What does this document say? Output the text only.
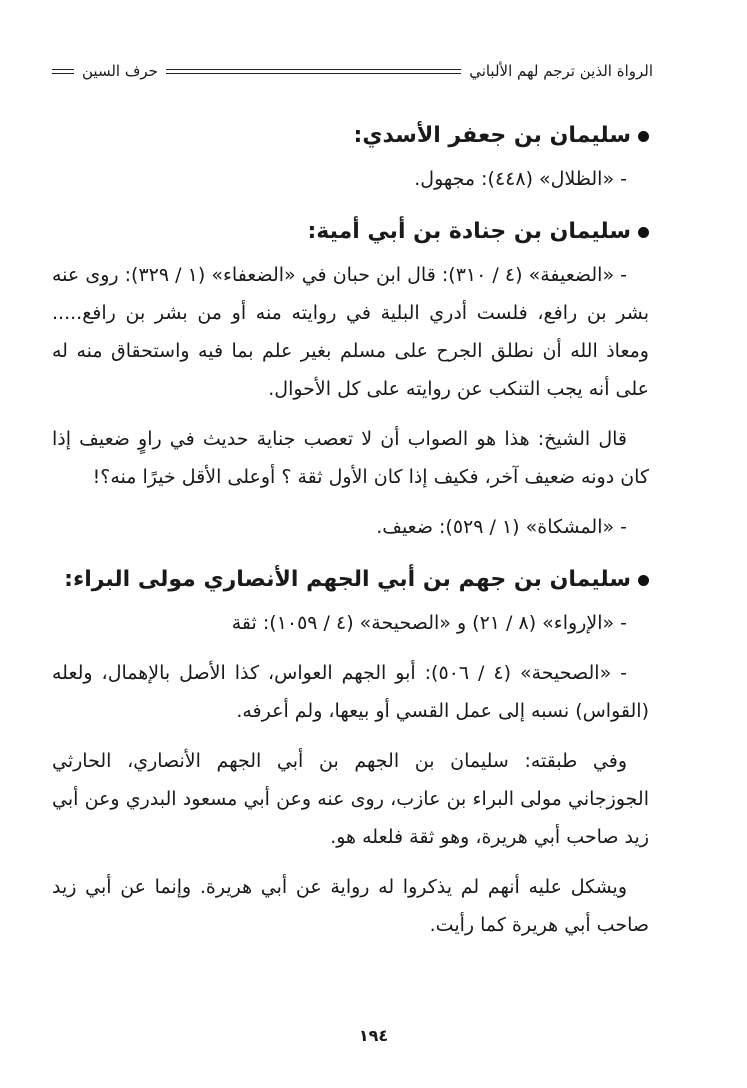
الرواة الذين ترجم لهم الألباني
حرف السين

سليمان بن جعفر الأسدي:

- «الظلال» (٤٤٨): مجهول.

سليمان بن جنادة بن أبي أمية:

- «الضعيفة» (٤ / ٣١٠): قال ابن حبان في «الضعفاء» (١ / ٣٢٩): روى عنه بشر بن رافع، فلست أدري البلية في روايته منه أو من بشر بن رافع..... ومعاذ الله أن نطلق الجرح على مسلم بغير علم بما فيه واستحقاق منه له على أنه يجب التنكب عن روايته على كل الأحوال.

قال الشيخ: هذا هو الصواب أن لا تعصب جناية حديث في راوٍ ضعيف إذا كان دونه ضعيف آخر، فكيف إذا كان الأول ثقة ؟ أوعلى الأقل خيرًا منه؟!

- «المشكاة» (١ / ٥٢٩): ضعيف.

سليمان بن جهم بن أبي الجهم الأنصاري مولى البراء:

- «الإرواء» (٨ / ٢١) و «الصحيحة» (٤ / ١٠٥٩): ثقة

- «الصحيحة» (٤ / ٥٠٦): أبو الجهم العواس، كذا الأصل بالإهمال، ولعله (القواس) نسبه إلى عمل القسي أو بيعها، ولم أعرفه.

وفي طبقته: سليمان بن الجهم بن أبي الجهم الأنصاري، الحارثي الجوزجاني مولى البراء بن عازب، روى عنه وعن أبي مسعود البدري وعن أبي زيد صاحب أبي هريرة، وهو ثقة فلعله هو.

ويشكل عليه أنهم لم يذكروا له رواية عن أبي هريرة. وإنما عن أبي زيد صاحب أبي هريرة كما رأيت.

١٩٤
